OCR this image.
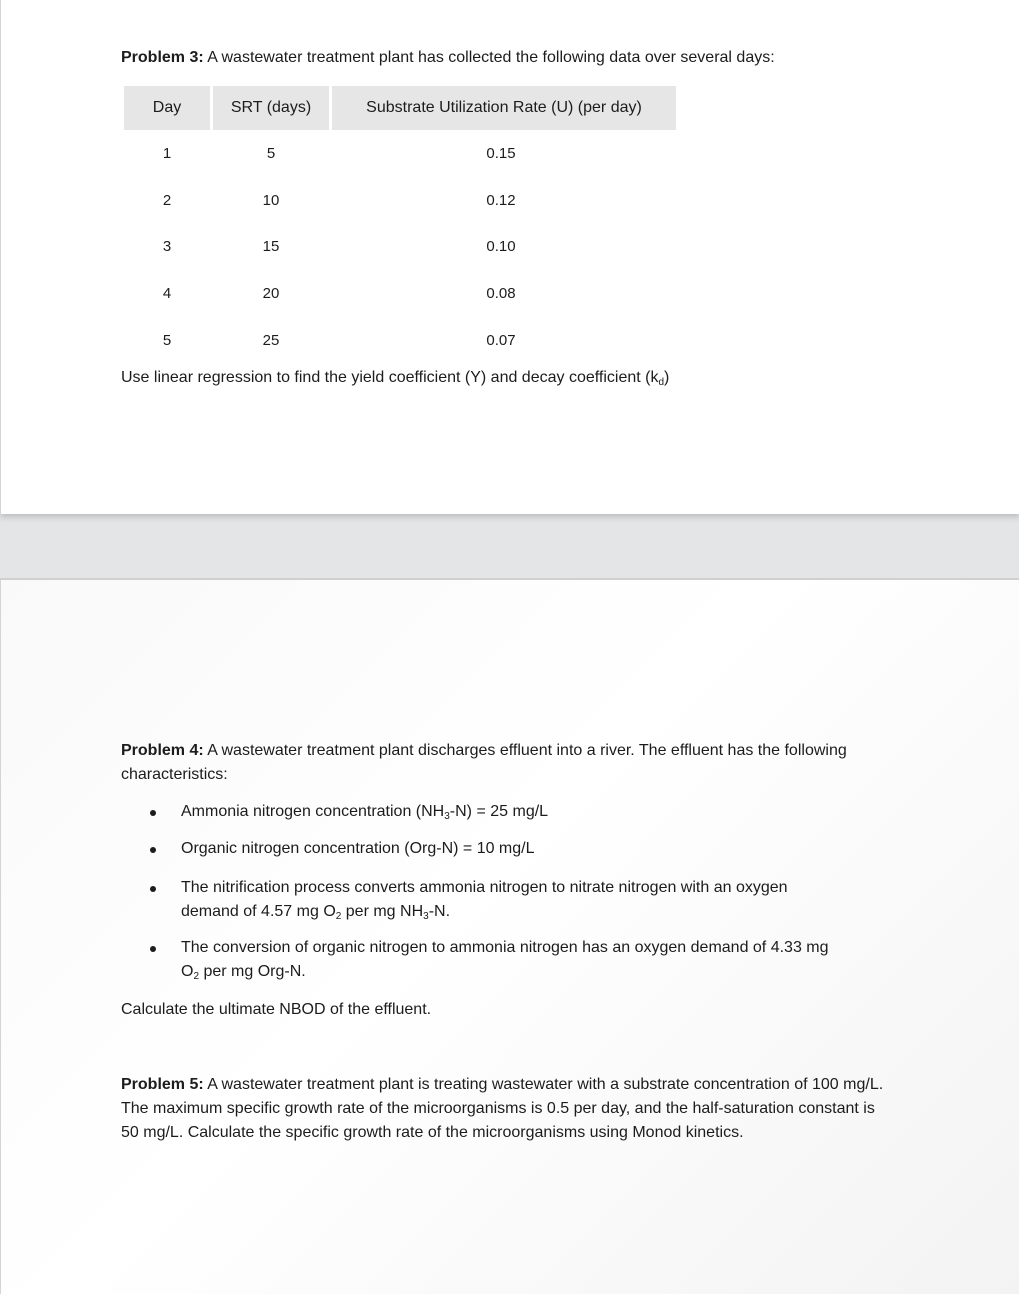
Problem 3: A wastewater treatment plant has collected the following data over several days:
Day	SRT (days)	Substrate Utilization Rate (U) (per day)
1	5	0.15
2	10	0.12
3	15	0.10
4	20	0.08
5	25	0.07
Use linear regression to find the yield coefficient (Y) and decay coefficient $(k_d)$
Problem 4: A wastewater treatment plant discharges effluent into a river. The effluent has the following characteristics:
Ammonia nitrogen concentration $(NH_3-N) = 25$ mg/L
Organic nitrogen concentration (Org-N) = 10 mg/L
The nitrification process converts ammonia nitrogen to nitrate nitrogen with an oxygen
demand of 4.57 mg $O_2$ per mg $NH_3-N$.
The conversion of organic nitrogen to ammonia nitrogen has an oxygen demand of 4.33 mg
$O_2$ per mg Org-N.
Calculate the ultimate NBOD of the effluent.
Problem 5: A wastewater treatment plant is treating wastewater with a substrate concentration of 100 mg/L. The maximum specific growth rate of the microorganisms is 0.5 per day, and the half-saturation constant is 50 mg/L. Calculate the specific growth rate of the microorganisms using Monod kinetics.
